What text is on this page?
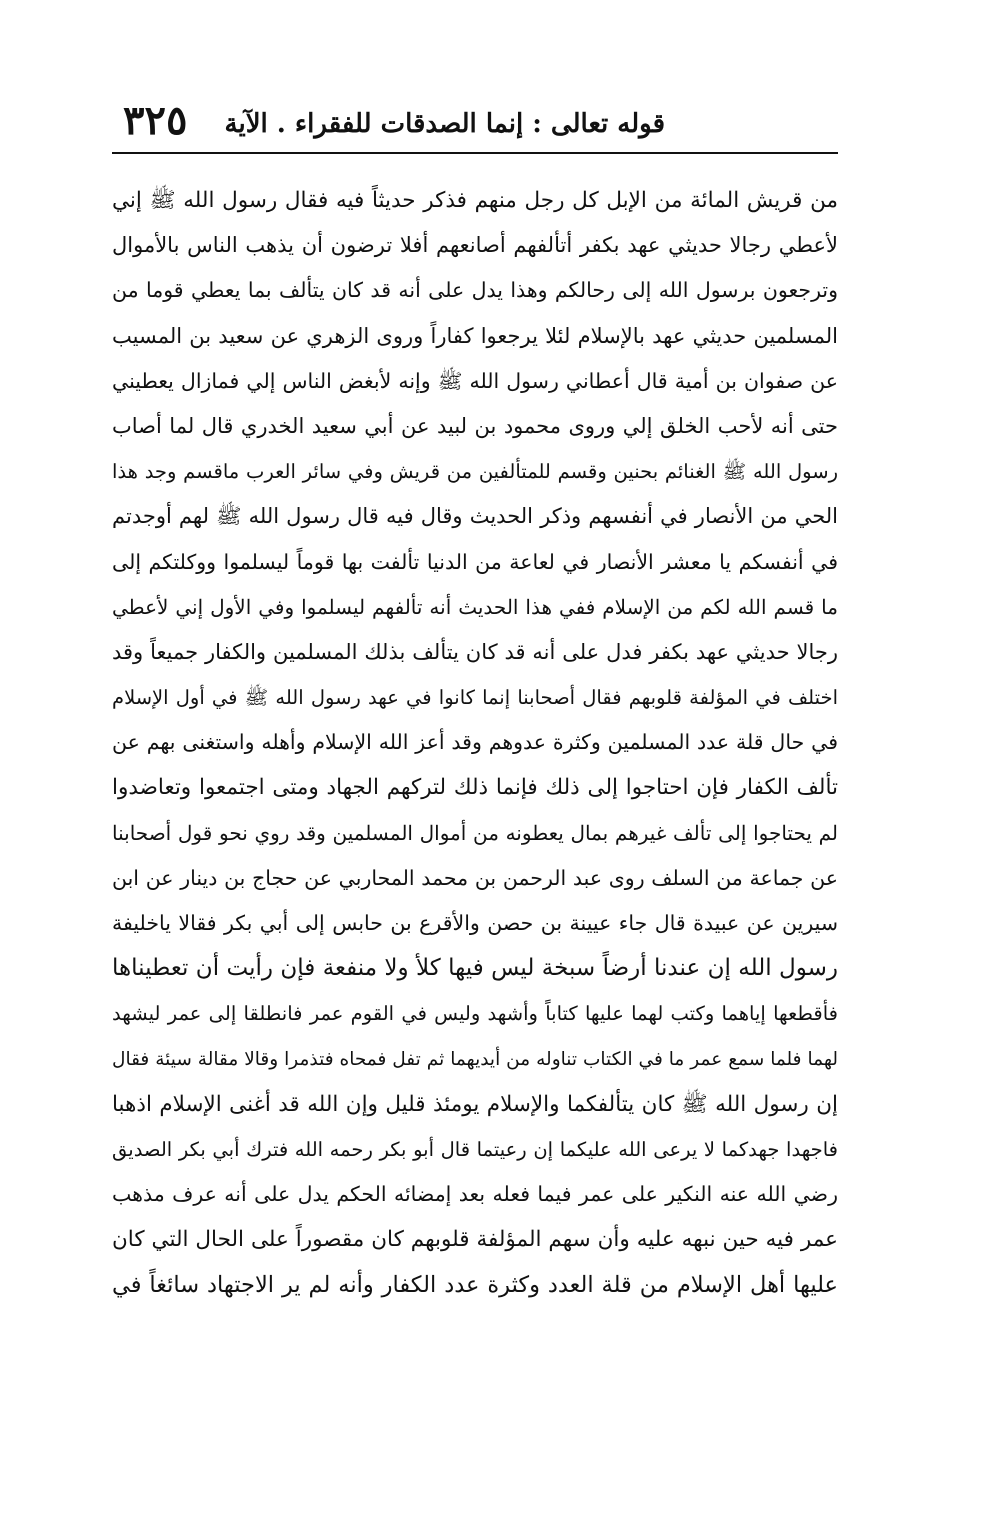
قوله تعالى : إنما الصدقات للفقراء . الآية
٣٢٥
من قريش المائة من الإبل كل رجل منهم فذكر حديثاً فيه فقال رسول الله ﷺ إني
لأعطي رجالا حديثي عهد بكفر أتألفهم أصانعهم أفلا ترضون أن يذهب الناس بالأموال
وترجعون برسول الله إلى رحالكم وهذا يدل على أنه قد كان يتألف بما يعطي قوما من
المسلمين حديثي عهد بالإسلام لئلا يرجعوا كفاراً وروى الزهري عن سعيد بن المسيب
عن صفوان بن أمية قال أعطاني رسول الله ﷺ وإنه لأبغض الناس إلي فمازال يعطيني
حتى أنه لأحب الخلق إلي وروى محمود بن لبيد عن أبي سعيد الخدري قال لما أصاب
رسول الله ﷺ الغنائم بحنين وقسم للمتألفين من قريش وفي سائر العرب ماقسم وجد هذا
الحي من الأنصار في أنفسهم وذكر الحديث وقال فيه قال رسول الله ﷺ لهم أوجدتم
في أنفسكم يا معشر الأنصار في لعاعة من الدنيا تألفت بها قوماً ليسلموا ووكلتكم إلى
ما قسم الله لكم من الإسلام ففي هذا الحديث أنه تألفهم ليسلموا وفي الأول إني لأعطي
رجالا حديثي عهد بكفر فدل على أنه قد كان يتألف بذلك المسلمين والكفار جميعاً وقد
اختلف في المؤلفة قلوبهم فقال أصحابنا إنما كانوا في عهد رسول الله ﷺ في أول الإسلام
في حال قلة عدد المسلمين وكثرة عدوهم وقد أعز الله الإسلام وأهله واستغنى بهم عن
تألف الكفار فإن احتاجوا إلى ذلك فإنما ذلك لتركهم الجهاد ومتى اجتمعوا وتعاضدوا
لم يحتاجوا إلى تألف غيرهم بمال يعطونه من أموال المسلمين وقد روي نحو قول أصحابنا
عن جماعة من السلف روى عبد الرحمن بن محمد المحاربي عن حجاج بن دينار عن ابن
سيرين عن عبيدة قال جاء عيينة بن حصن والأقرع بن حابس إلى أبي بكر فقالا ياخليفة
رسول الله إن عندنا أرضاً سبخة ليس فيها كلأ ولا منفعة فإن رأيت أن تعطيناها
فأقطعها إياهما وكتب لهما عليها كتاباً وأشهد وليس في القوم عمر فانطلقا إلى عمر ليشهد
لهما فلما سمع عمر ما في الكتاب تناوله من أيديهما ثم تفل فمحاه فتذمرا وقالا مقالة سيئة فقال
إن رسول الله ﷺ كان يتألفكما والإسلام يومئذ قليل وإن الله قد أغنى الإسلام اذهبا
فاجهدا جهدكما لا يرعى الله عليكما إن رعيتما قال أبو بكر رحمه الله فترك أبي بكر الصديق
رضي الله عنه النكير على عمر فيما فعله بعد إمضائه الحكم يدل على أنه عرف مذهب
عمر فيه حين نبهه عليه وأن سهم المؤلفة قلوبهم كان مقصوراً على الحال التي كان
عليها أهل الإسلام من قلة العدد وكثرة عدد الكفار وأنه لم ير الاجتهاد سائغاً في
